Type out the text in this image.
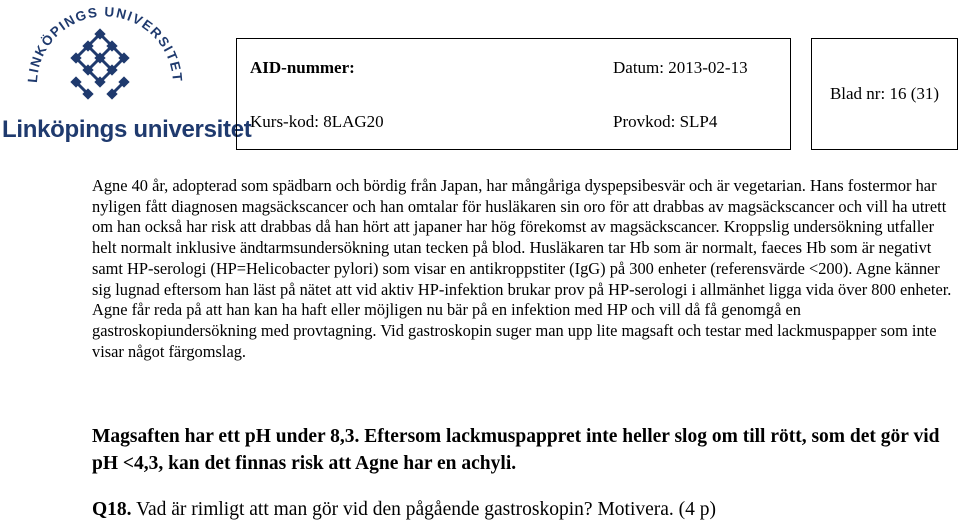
LINKÖPINGS UNIVERSITET
Linköpings universitet
AID-nummer:	Datum: 2013-02-13
Kurs-kod: 8LAG20	Provkod: SLP4
Blad nr: 16 (31)

Agne 40 år, adopterad som spädbarn och bördig från Japan, har mångåriga dyspepsibesvär och är vegetarian. Hans fostermor har nyligen fått diagnosen magsäckscancer och han omtalar för husläkaren sin oro för att drabbas av magsäckscancer och vill ha utrett om han också har risk att drabbas då han hört att japaner har hög förekomst av magsäckscancer. Kroppslig undersökning utfaller helt normalt inklusive ändtarmsundersökning utan tecken på blod. Husläkaren tar Hb som är normalt, faeces Hb som är negativt samt HP-serologi (HP=Helicobacter pylori) som visar en antikroppstiter (IgG) på 300 enheter (referensvärde <200). Agne känner sig lugnad eftersom han läst på nätet att vid aktiv HP-infektion brukar prov på HP-serologi i allmänhet ligga vida över 800 enheter. Agne får reda på att han kan ha haft eller möjligen nu bär på en infektion med HP och vill då få genomgå en gastroskopiundersökning med provtagning. Vid gastroskopin suger man upp lite magsaft och testar med lackmuspapper som inte visar något färgomslag.

Magsaften har ett pH under 8,3. Eftersom lackmuspappret inte heller slog om till rött, som det gör vid pH <4,3, kan det finnas risk att Agne har en achyli.

Q18. Vad är rimligt att man gör vid den pågående gastroskopin? Motivera. (4 p)
